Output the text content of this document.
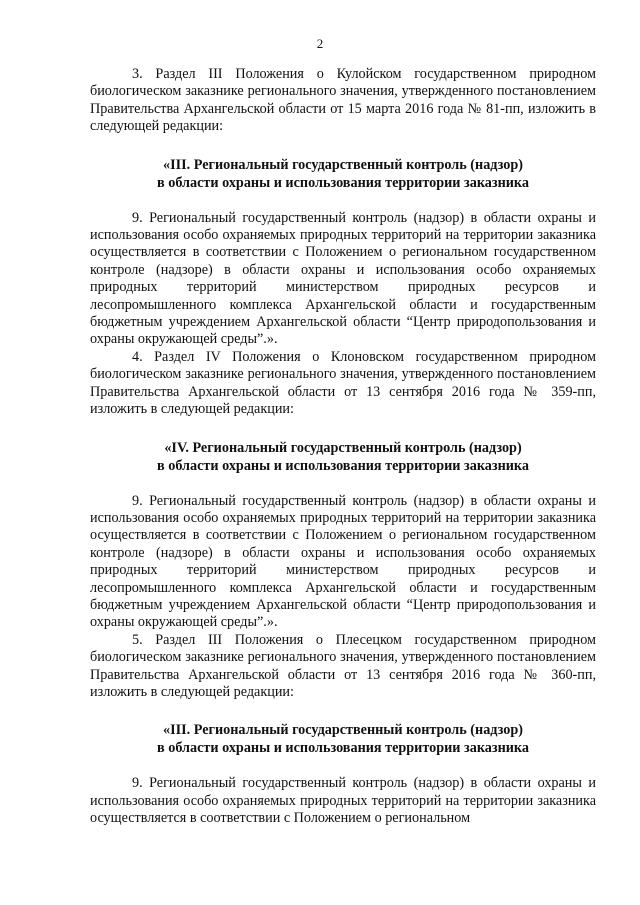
2

3. Раздел III Положения о Кулойском государственном природном биологическом заказнике регионального значения, утвержденного постановлением Правительства Архангельской области от 15 марта 2016 года № 81-пп, изложить в следующей редакции:

«III. Региональный государственный контроль (надзор)
в области охраны и использования территории заказника

9. Региональный государственный контроль (надзор) в области охраны и использования особо охраняемых природных территорий на территории заказника осуществляется в соответствии с Положением о региональном государственном контроле (надзоре) в области охраны и использования особо охраняемых природных территорий министерством природных ресурсов и лесопромышленного комплекса Архангельской области и государственным бюджетным учреждением Архангельской области “Центр природопользования и охраны окружающей среды”.».

4. Раздел IV Положения о Клоновском государственном природном биологическом заказнике регионального значения, утвержденного постановлением Правительства Архангельской области от 13 сентября 2016 года № 359-пп, изложить в следующей редакции:

«IV. Региональный государственный контроль (надзор)
в области охраны и использования территории заказника

9. Региональный государственный контроль (надзор) в области охраны и использования особо охраняемых природных территорий на территории заказника осуществляется в соответствии с Положением о региональном государственном контроле (надзоре) в области охраны и использования особо охраняемых природных территорий министерством природных ресурсов и лесопромышленного комплекса Архангельской области и государственным бюджетным учреждением Архангельской области “Центр природопользования и охраны окружающей среды”.».

5. Раздел III Положения о Плесецком государственном природном биологическом заказнике регионального значения, утвержденного постановлением Правительства Архангельской области от 13 сентября 2016 года № 360-пп, изложить в следующей редакции:

«III. Региональный государственный контроль (надзор)
в области охраны и использования территории заказника

9. Региональный государственный контроль (надзор) в области охраны и использования особо охраняемых природных территорий на территории заказника осуществляется в соответствии с Положением о региональном
